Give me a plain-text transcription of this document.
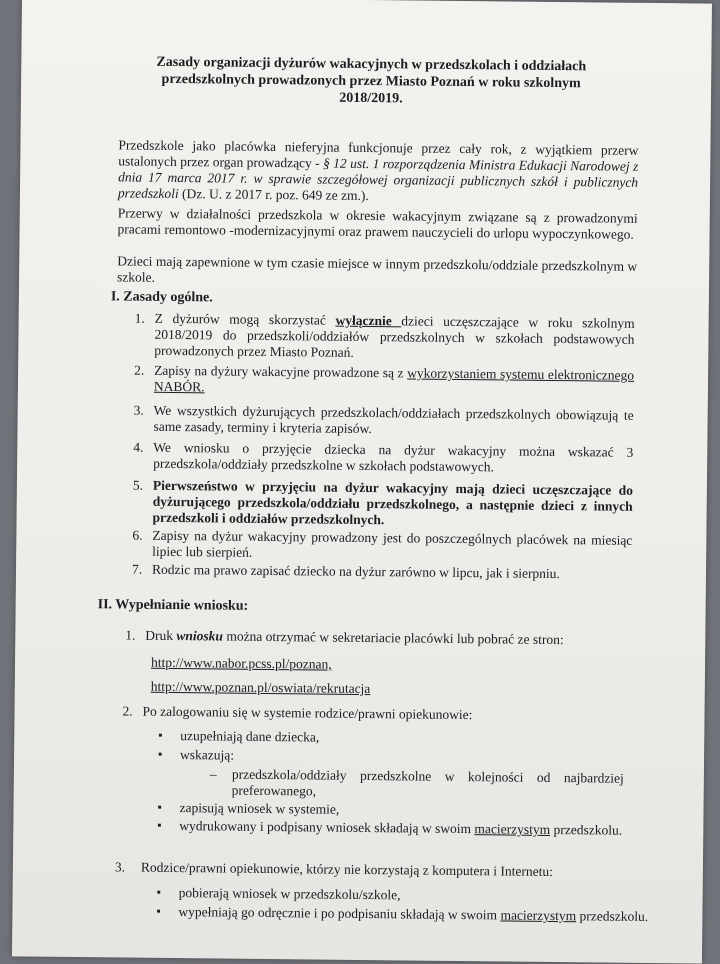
Zasady organizacji dyżurów wakacyjnych w przedszkolach i oddziałach przedszkolnych prowadzonych przez Miasto Poznań w roku szkolnym 2018/2019.
Przedszkole jako placówka nieferyjna funkcjonuje przez cały rok, z wyjątkiem przerw ustalonych przez organ prowadzący - § 12 ust. 1 rozporządzenia Ministra Edukacji Narodowej z dnia 17 marca 2017 r. w sprawie szczegółowej organizacji publicznych szkół i publicznych przedszkoli (Dz. U. z 2017 r. poz. 649 ze zm.).
Przerwy w działalności przedszkola w okresie wakacyjnym związane są z prowadzonymi pracami remontowo -modernizacyjnymi oraz prawem nauczycieli do urlopu wypoczynkowego.
Dzieci mają zapewnione w tym czasie miejsce w innym przedszkolu/oddziale przedszkolnym w szkole.
I. Zasady ogólne.
1. Z dyżurów mogą skorzystać wyłącznie dzieci uczęszczające w roku szkolnym 2018/2019 do przedszkoli/oddziałów przedszkolnych w szkołach podstawowych prowadzonych przez Miasto Poznań.
2. Zapisy na dyżury wakacyjne prowadzone są z wykorzystaniem systemu elektronicznego NABÓR.
3. We wszystkich dyżurujących przedszkolach/oddziałach przedszkolnych obowiązują te same zasady, terminy i kryteria zapisów.
4. We wniosku o przyjęcie dziecka na dyżur wakacyjny można wskazać 3 przedszkola/oddziały przedszkolne w szkołach podstawowych.
5. Pierwszeństwo w przyjęciu na dyżur wakacyjny mają dzieci uczęszczające do dyżurującego przedszkola/oddziału przedszkolnego, a następnie dzieci z innych przedszkoli i oddziałów przedszkolnych.
6. Zapisy na dyżur wakacyjny prowadzony jest do poszczególnych placówek na miesiąc lipiec lub sierpień.
7. Rodzic ma prawo zapisać dziecko na dyżur zarówno w lipcu, jak i sierpniu.
II. Wypełnianie wniosku:
1. Druk wniosku można otrzymać w sekretariacie placówki lub pobrać ze stron:
http://www.nabor.pcss.pl/poznan,
http://www.poznan.pl/oswiata/rekrutacja
2. Po zalogowaniu się w systemie rodzice/prawni opiekunowie:
▪ uzupełniają dane dziecka,
▪ wskazują:
– przedszkola/oddziały przedszkolne w kolejności od najbardziej preferowanego,
▪ zapisują wniosek w systemie,
▪ wydrukowany i podpisany wniosek składają w swoim macierzystym przedszkolu.
3. Rodzice/prawni opiekunowie, którzy nie korzystają z komputera i Internetu:
▪ pobierają wniosek w przedszkolu/szkole,
▪ wypełniają go odręcznie i po podpisaniu składają w swoim macierzystym przedszkolu.
